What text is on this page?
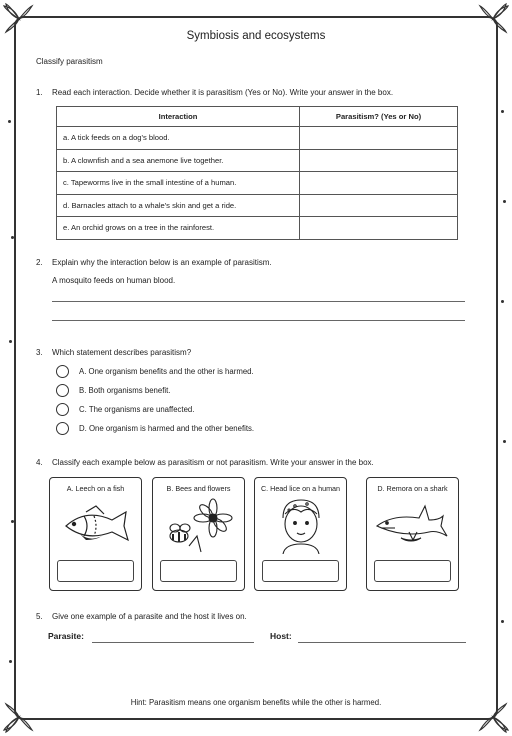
Symbiosis and ecosystems
Classify parasitism
1. Read each interaction. Decide whether it is parasitism (Yes or No). Write your answer in the box.
Interaction	Parasitism? (Yes or No)
a. A tick feeds on a dog's blood.	
b. A clownfish and a sea anemone live together.	
c. Tapeworms live in the small intestine of a human.	
d. Barnacles attach to a whale's skin and get a ride.	
e. An orchid grows on a tree in the rainforest.	
2. Explain why the interaction below is an example of parasitism.
A mosquito feeds on human blood.
3. Which statement describes parasitism?
A. One organism benefits and the other is harmed.
B. Both organisms benefit.
C. The organisms are unaffected.
D. One organism is harmed and the other benefits.
4. Classify each example below as parasitism or not parasitism. Write your answer in the box.
A. Leech on a fish	B. Bees and flowers	C. Head lice on a human	D. Remora on a shark
5. Give one example of a parasite and the host it lives on.
Parasite:	Host:
Hint: Parasitism means one organism benefits while the other is harmed.
